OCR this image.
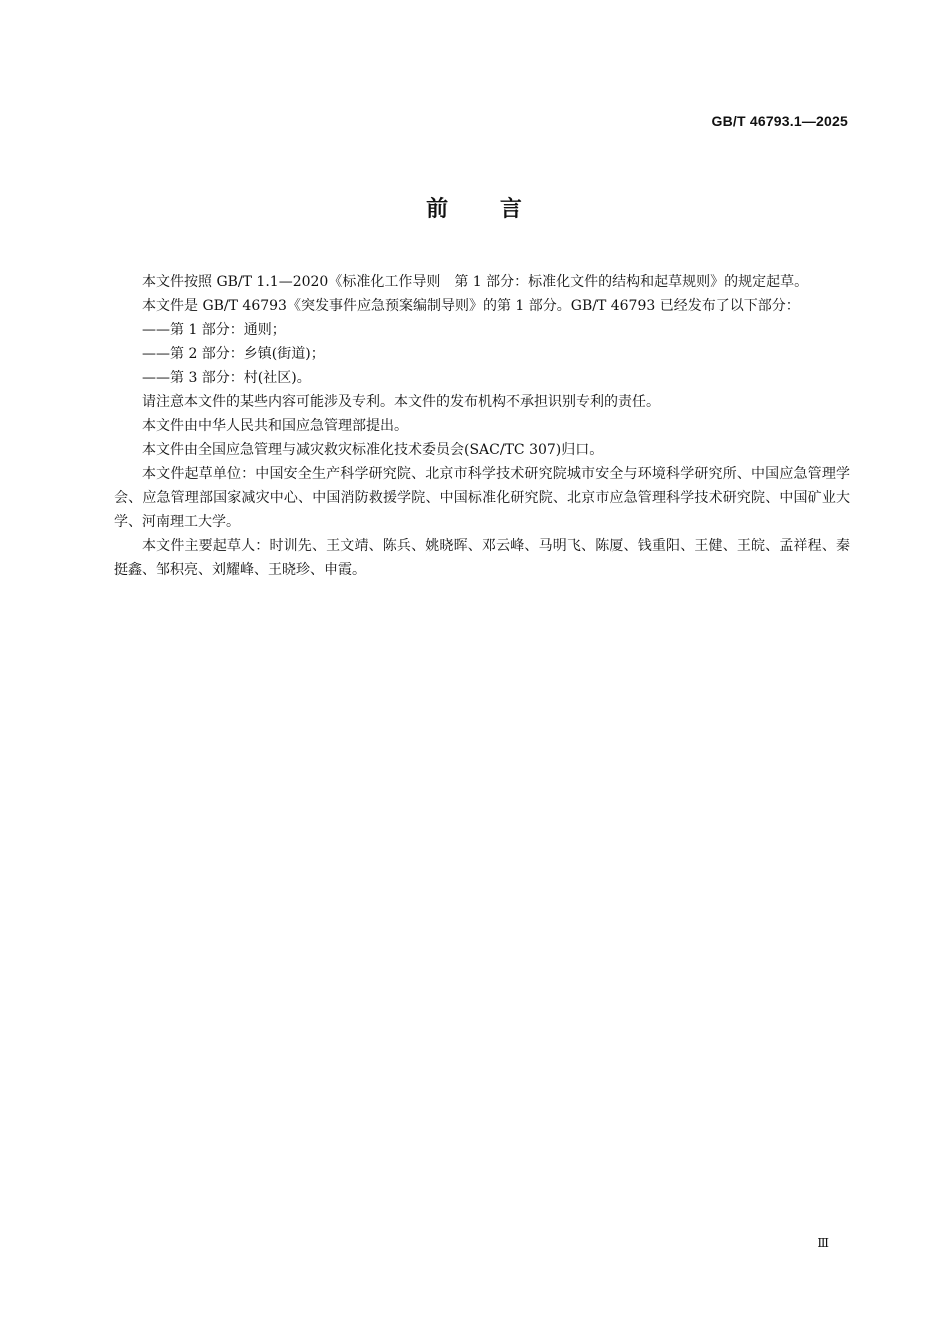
GB/T 46793.1—2025
前 言

本文件按照 GB/T 1.1—2020《标准化工作导则　第 1 部分：标准化文件的结构和起草规则》的规定起草。

本文件是 GB/T 46793《突发事件应急预案编制导则》的第 1 部分。GB/T 46793 已经发布了以下部分：

——第 1 部分：通则；

——第 2 部分：乡镇(街道)；

——第 3 部分：村(社区)。

请注意本文件的某些内容可能涉及专利。本文件的发布机构不承担识别专利的责任。

本文件由中华人民共和国应急管理部提出。

本文件由全国应急管理与减灾救灾标准化技术委员会(SAC/TC 307)归口。

本文件起草单位：中国安全生产科学研究院、北京市科学技术研究院城市安全与环境科学研究所、中国应急管理学会、应急管理部国家减灾中心、中国消防救援学院、中国标准化研究院、北京市应急管理科学技术研究院、中国矿业大学、河南理工大学。

本文件主要起草人：时训先、王文靖、陈兵、姚晓晖、邓云峰、马明飞、陈厦、钱重阳、王健、王皖、孟祥程、秦挺鑫、邹积亮、刘耀峰、王晓珍、申霞。

Ⅲ
